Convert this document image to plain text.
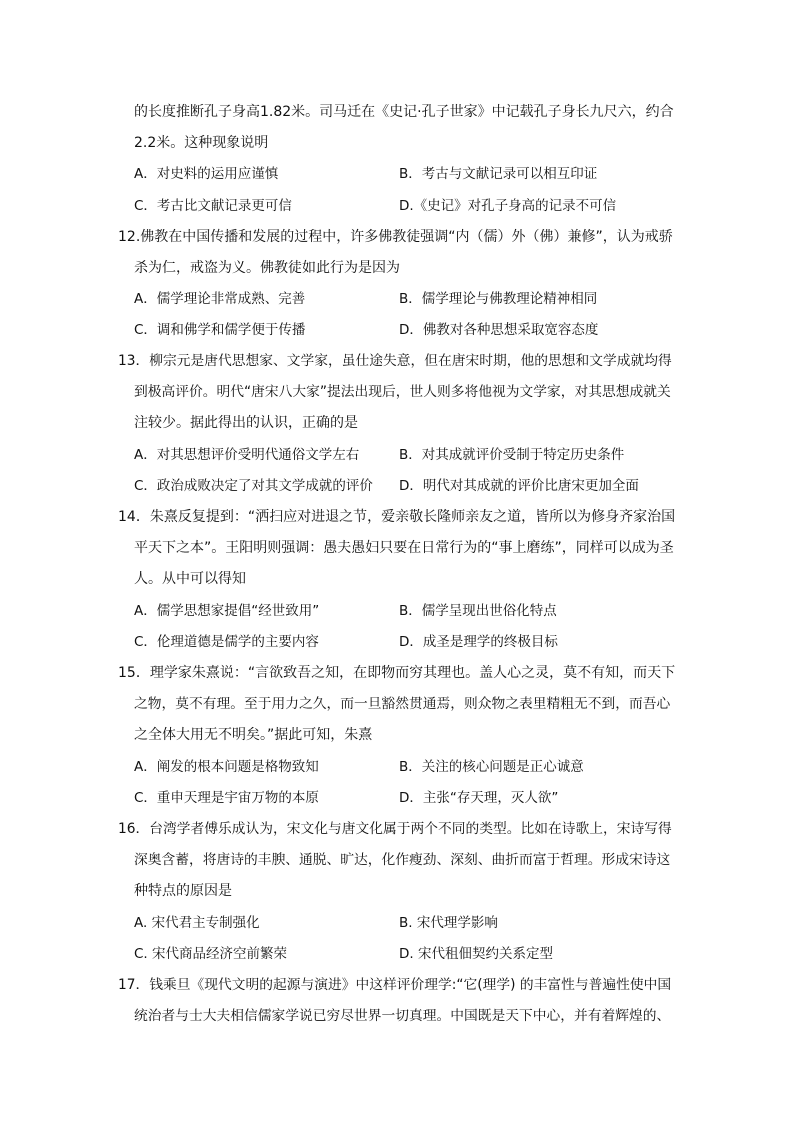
的长度推断孔子身高1.82米。司马迁在《史记·孔子世家》中记载孔子身长九尺六，约合
2.2米。这种现象说明
A．对史料的运用应谨慎	B．考古与文献记录可以相互印证
C．考古比文献记录更可信	D.《史记》对孔子身高的记录不可信
12.佛教在中国传播和发展的过程中，许多佛教徒强调“内（儒）外（佛）兼修”，认为戒骄
杀为仁，戒盗为义。佛教徒如此行为是因为
A．儒学理论非常成熟、完善	B．儒学理论与佛教理论精神相同
C．调和佛学和儒学便于传播	D．佛教对各种思想采取宽容态度
13．柳宗元是唐代思想家、文学家，虽仕途失意，但在唐宋时期，他的思想和文学成就均得
到极高评价。明代“唐宋八大家”提法出现后，世人则多将他视为文学家，对其思想成就关
注较少。据此得出的认识，正确的是
A．对其思想评价受明代通俗文学左右	B．对其成就评价受制于特定历史条件
C．政治成败决定了对其文学成就的评价 D．明代对其成就的评价比唐宋更加全面
14．朱熹反复提到：“洒扫应对进退之节，爱亲敬长隆师亲友之道，皆所以为修身齐家治国
平天下之本”。王阳明则强调：愚夫愚妇只要在日常行为的“事上磨练”，同样可以成为圣
人。从中可以得知
A．儒学思想家提倡“经世致用”	B．儒学呈现出世俗化特点
C．伦理道德是儒学的主要内容	D．成圣是理学的终极目标
15．理学家朱熹说：“言欲致吾之知，在即物而穷其理也。盖人心之灵，莫不有知，而天下
之物，莫不有理。至于用力之久，而一旦豁然贯通焉，则众物之表里精粗无不到，而吾心
之全体大用无不明矣。”据此可知，朱熹
A．阐发的根本问题是格物致知	B．关注的核心问题是正心诚意
C．重申天理是宇宙万物的本原	D．主张“存天理，灭人欲”
16．台湾学者傅乐成认为，宋文化与唐文化属于两个不同的类型。比如在诗歌上，宋诗写得
深奥含蓄，将唐诗的丰腴、通脱、旷达，化作瘦劲、深刻、曲折而富于哲理。形成宋诗这
种特点的原因是
A. 宋代君主专制强化	B. 宋代理学影响
C. 宋代商品经济空前繁荣	D. 宋代租佃契约关系定型
17．钱乘旦《现代文明的起源与演进》中这样评价理学:“它(理学) 的丰富性与普遍性使中国
统治者与士大夫相信儒家学说已穷尽世界一切真理。中国既是天下中心，并有着辉煌的、
